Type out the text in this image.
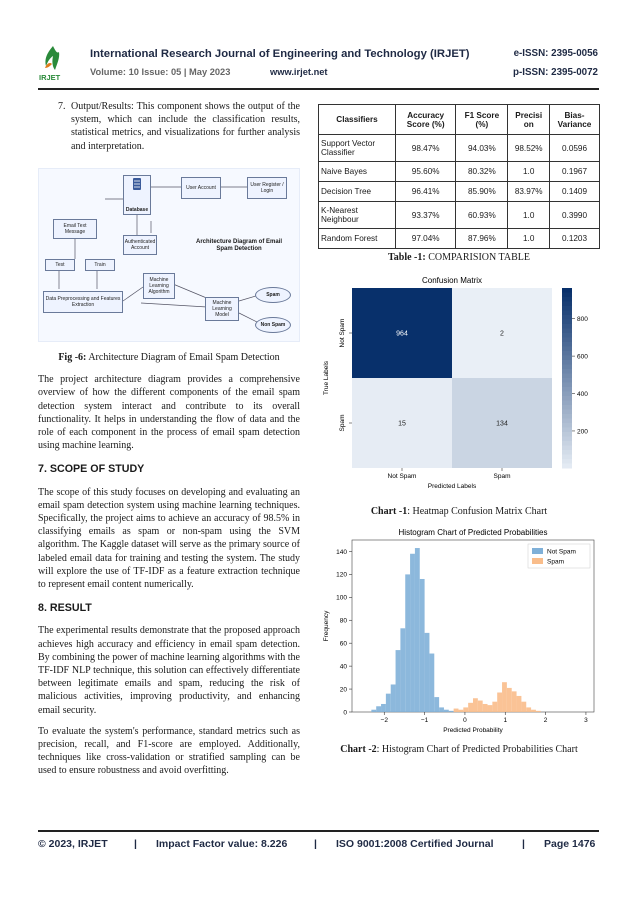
IRJET
International Research Journal of Engineering and Technology (IRJET)	e-ISSN: 2395-0056
Volume: 10 Issue: 05 | May 2023	www.irjet.net	p-ISSN: 2395-0072
7. Output/Results: This component shows the output of the system, which can include the classification results, statistical metrics, and visualizations for further analysis and interpretation.
Database
User Account	User Register / Login
Email Text Message
Authenticated Account
Architecture Diagram of Email Spam Detection
Test	Train
Machine Learning Algorithm
Data Preprocessing and Features Extraction	Machine Learning Model
Spam
Non Spam

Fig -6: Architecture Diagram of Email Spam Detection

The project architecture diagram provides a comprehensive overview of how the different components of the email spam detection system interact and contribute to its overall functionality. It helps in understanding the flow of data and the role of each component in the process of email spam detection using machine learning.

7. SCOPE OF STUDY

The scope of this study focuses on developing and evaluating an email spam detection system using machine learning techniques. Specifically, the project aims to achieve an accuracy of 98.5% in classifying emails as spam or non-spam using the SVM algorithm. The Kaggle dataset will serve as the primary source of labeled email data for training and testing the system. The study will explore the use of TF-IDF as a feature extraction technique to represent email content numerically.

8. RESULT

The experimental results demonstrate that the proposed approach achieves high accuracy and efficiency in email spam detection. By combining the power of machine learning algorithms with the TF-IDF NLP technique, this solution can effectively differentiate between legitimate emails and spam, reducing the risk of malicious activities, improving productivity, and enhancing email security.

To evaluate the system's performance, standard metrics such as precision, recall, and F1-score are employed. Additionally, techniques like cross-validation or stratified sampling can be used to ensure robustness and avoid overfitting.

Classifiers	Accuracy Score (%)	F1 Score (%)	Precisi on	Bias-Variance
Support Vector Classifier	98.47%	94.03%	98.52%	0.0596
Naive Bayes	95.60%	80.32%	1.0	0.1967
Decision Tree	96.41%	85.90%	83.97%	0.1409
K-Nearest Neighbour	93.37%	60.93%	1.0	0.3990
Random Forest	97.04%	87.96%	1.0	0.1203

Table -1: COMPARISION TABLE

Confusion Matrix
964	2
15	134
Not Spam	Spam
Not Spam
Spam
Predicted Labels
True Labels
200
400
600
800

Chart -1: Heatmap Confusion Matrix Chart

Histogram Chart of Predicted Probabilities
−2	−1	0	1	2	3
0
20
40
60
80
100
120
140
Predicted Probability
Frequency
Not Spam
Spam

Chart -2: Histogram Chart of Predicted Probabilities Chart

© 2023, IRJET	| Impact Factor value: 8.226	| ISO 9001:2008 Certified Journal	| Page 1476
